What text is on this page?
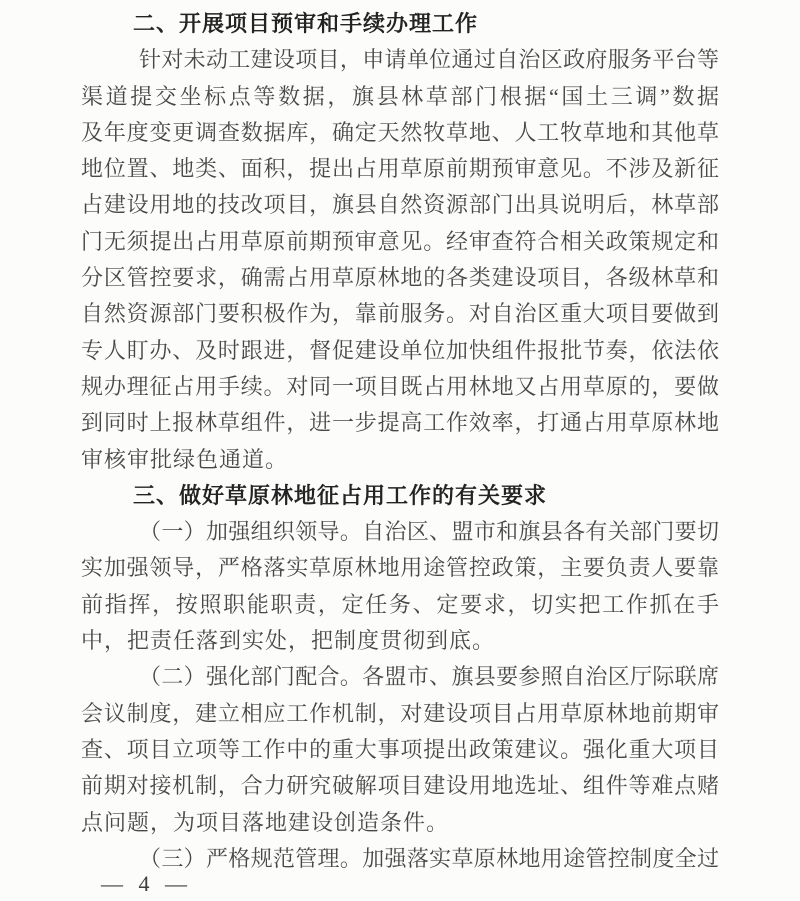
二、开展项目预审和手续办理工作
针对未动工建设项目，申请单位通过自治区政府服务平台等
渠道提交坐标点等数据，旗县林草部门根据“国土三调”数据
及年度变更调查数据库，确定天然牧草地、人工牧草地和其他草
地位置、地类、面积，提出占用草原前期预审意见。不涉及新征
占建设用地的技改项目，旗县自然资源部门出具说明后，林草部
门无须提出占用草原前期预审意见。经审查符合相关政策规定和
分区管控要求，确需占用草原林地的各类建设项目，各级林草和
自然资源部门要积极作为，靠前服务。对自治区重大项目要做到
专人盯办、及时跟进，督促建设单位加快组件报批节奏，依法依
规办理征占用手续。对同一项目既占用林地又占用草原的，要做
到同时上报林草组件，进一步提高工作效率，打通占用草原林地
审核审批绿色通道。
三、做好草原林地征占用工作的有关要求
（一）加强组织领导。自治区、盟市和旗县各有关部门要切
实加强领导，严格落实草原林地用途管控政策，主要负责人要靠
前指挥，按照职能职责，定任务、定要求，切实把工作抓在手
中，把责任落到实处，把制度贯彻到底。
（二）强化部门配合。各盟市、旗县要参照自治区厅际联席
会议制度，建立相应工作机制，对建设项目占用草原林地前期审
查、项目立项等工作中的重大事项提出政策建议。强化重大项目
前期对接机制，合力研究破解项目建设用地选址、组件等难点赌
点问题，为项目落地建设创造条件。
（三）严格规范管理。加强落实草原林地用途管控制度全过
— 4 —
